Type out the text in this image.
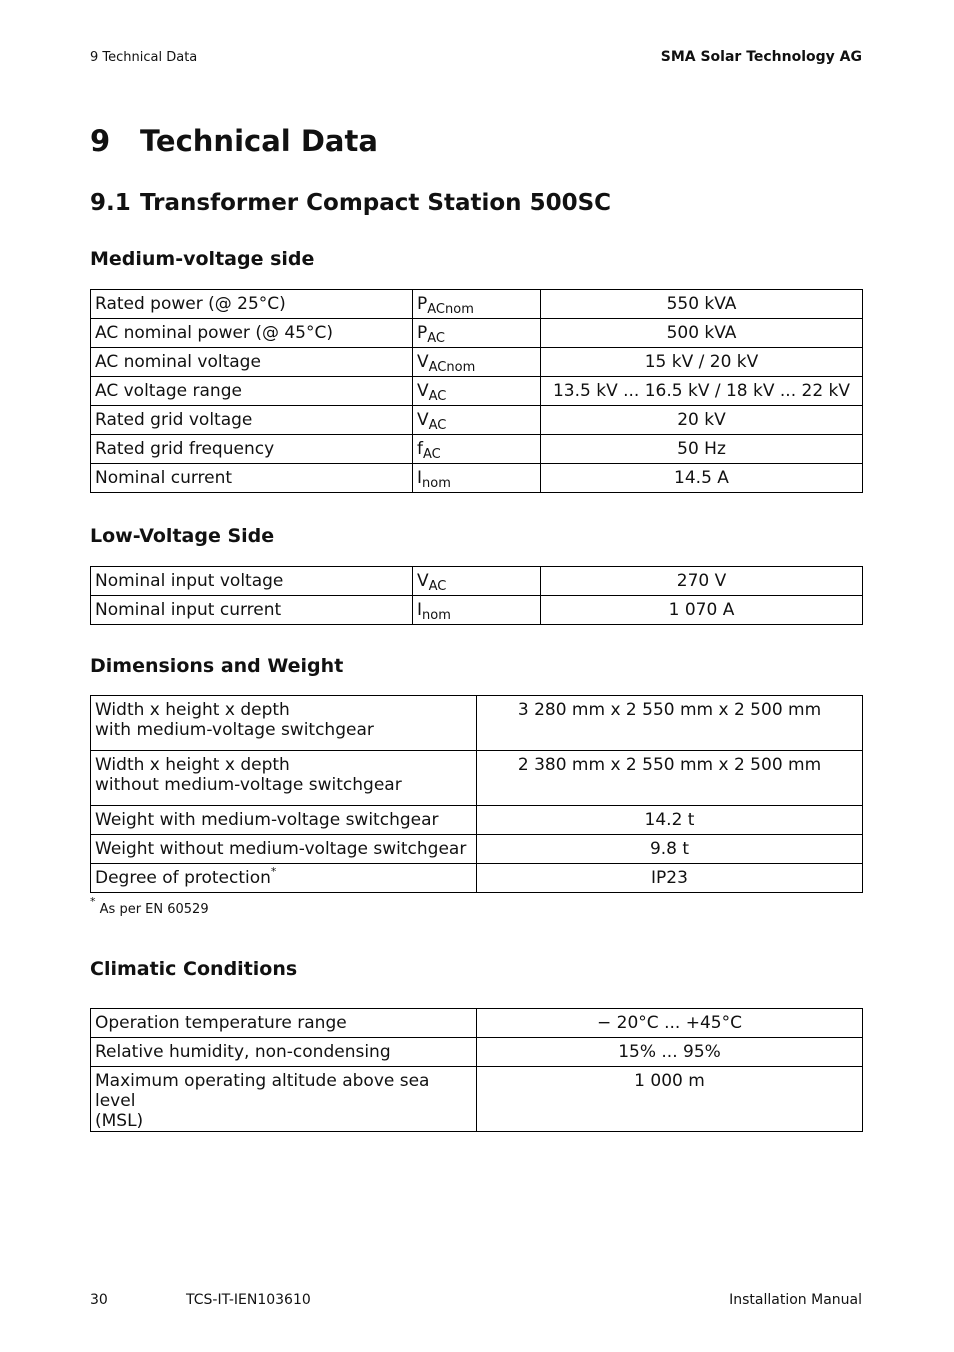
9 Technical Data	SMA Solar Technology AG
9 Technical Data
9.1 Transformer Compact Station 500SC
Medium-voltage side
Rated power (@ 25°C)	$P_{ACnom}$	550 kVA
AC nominal power (@ 45°C)	$P_{AC}$	500 kVA
AC nominal voltage	$V_{ACnom}$	15 kV / 20 kV
AC voltage range	$V_{AC}$	13.5 kV ... 16.5 kV / 18 kV ... 22 kV
Rated grid voltage	$V_{AC}$	20 kV
Rated grid frequency	$f_{AC}$	50 Hz
Nominal current	$I_{nom}$	14.5 A
Low-Voltage Side
Nominal input voltage	$V_{AC}$	270 V
Nominal input current	$I_{nom}$	1 070 A
Dimensions and Weight
Width x height x depth
with medium-voltage switchgear	3 280 mm x 2 550 mm x 2 500 mm

Width x height x depth
without medium-voltage switchgear	2 380 mm x 2 550 mm x 2 500 mm
Weight with medium-voltage switchgear	14.2 t
Weight without medium-voltage switchgear	9.8 t
Degree of protection*	IP23
* As per EN 60529
Climatic Conditions
Operation temperature range	− 20°C ... +45°C
Relative humidity, non-condensing	15% ... 95%

Maximum operating altitude above sea level
(MSL)	1 000 m
30	TCS-IT-IEN103610	Installation Manual
